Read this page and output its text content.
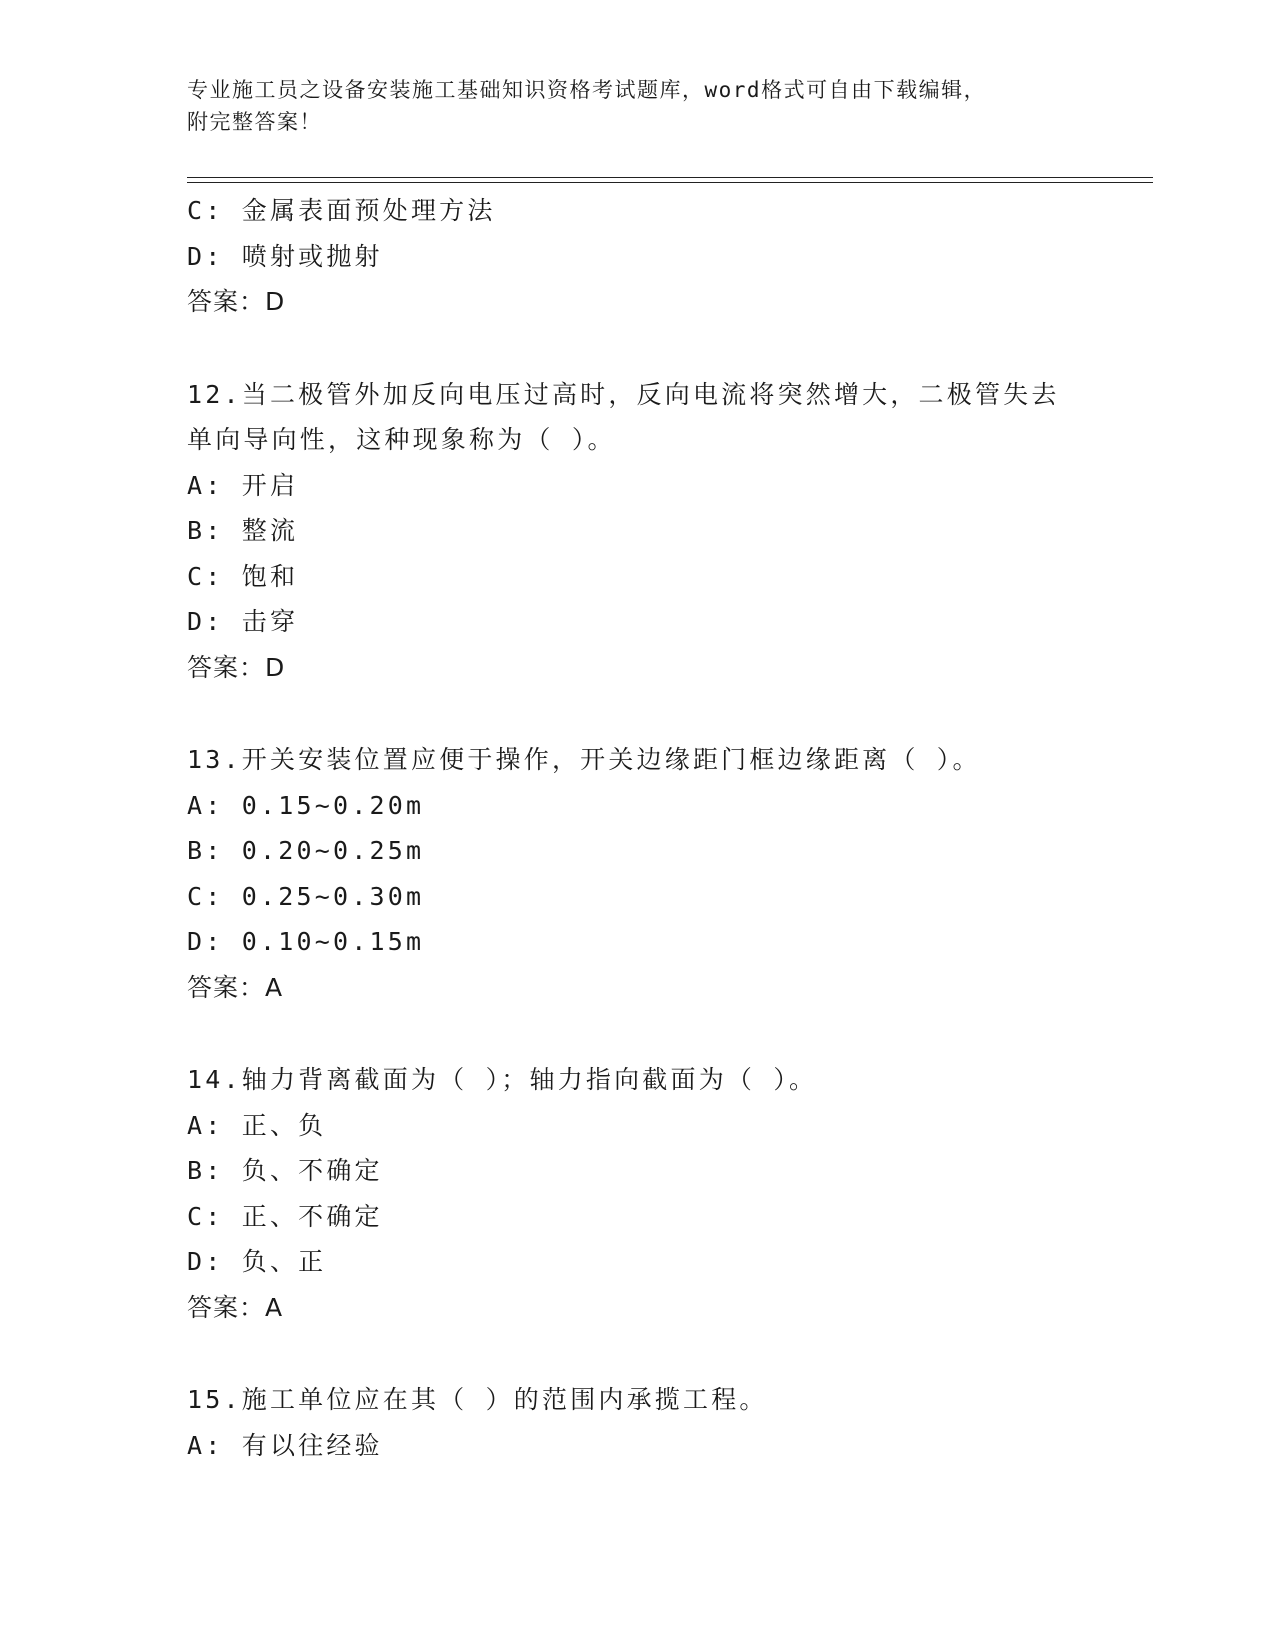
专业施工员之设备安装施工基础知识资格考试题库，word格式可自由下载编辑，
附完整答案！
C: 金属表面预处理方法
D: 喷射或抛射
答案：D
12.当二极管外加反向电压过高时，反向电流将突然增大，二极管失去
单向导向性，这种现象称为（ ）。
A: 开启
B: 整流
C: 饱和
D: 击穿
答案：D
13.开关安装位置应便于操作，开关边缘距门框边缘距离（ ）。
A: 0.15~0.20m
B: 0.20~0.25m
C: 0.25~0.30m
D: 0.10~0.15m
答案：A
14.轴力背离截面为（ ）；轴力指向截面为（ ）。
A: 正、负
B: 负、不确定
C: 正、不确定
D: 负、正
答案：A
15.施工单位应在其（ ）的范围内承揽工程。
A: 有以往经验
